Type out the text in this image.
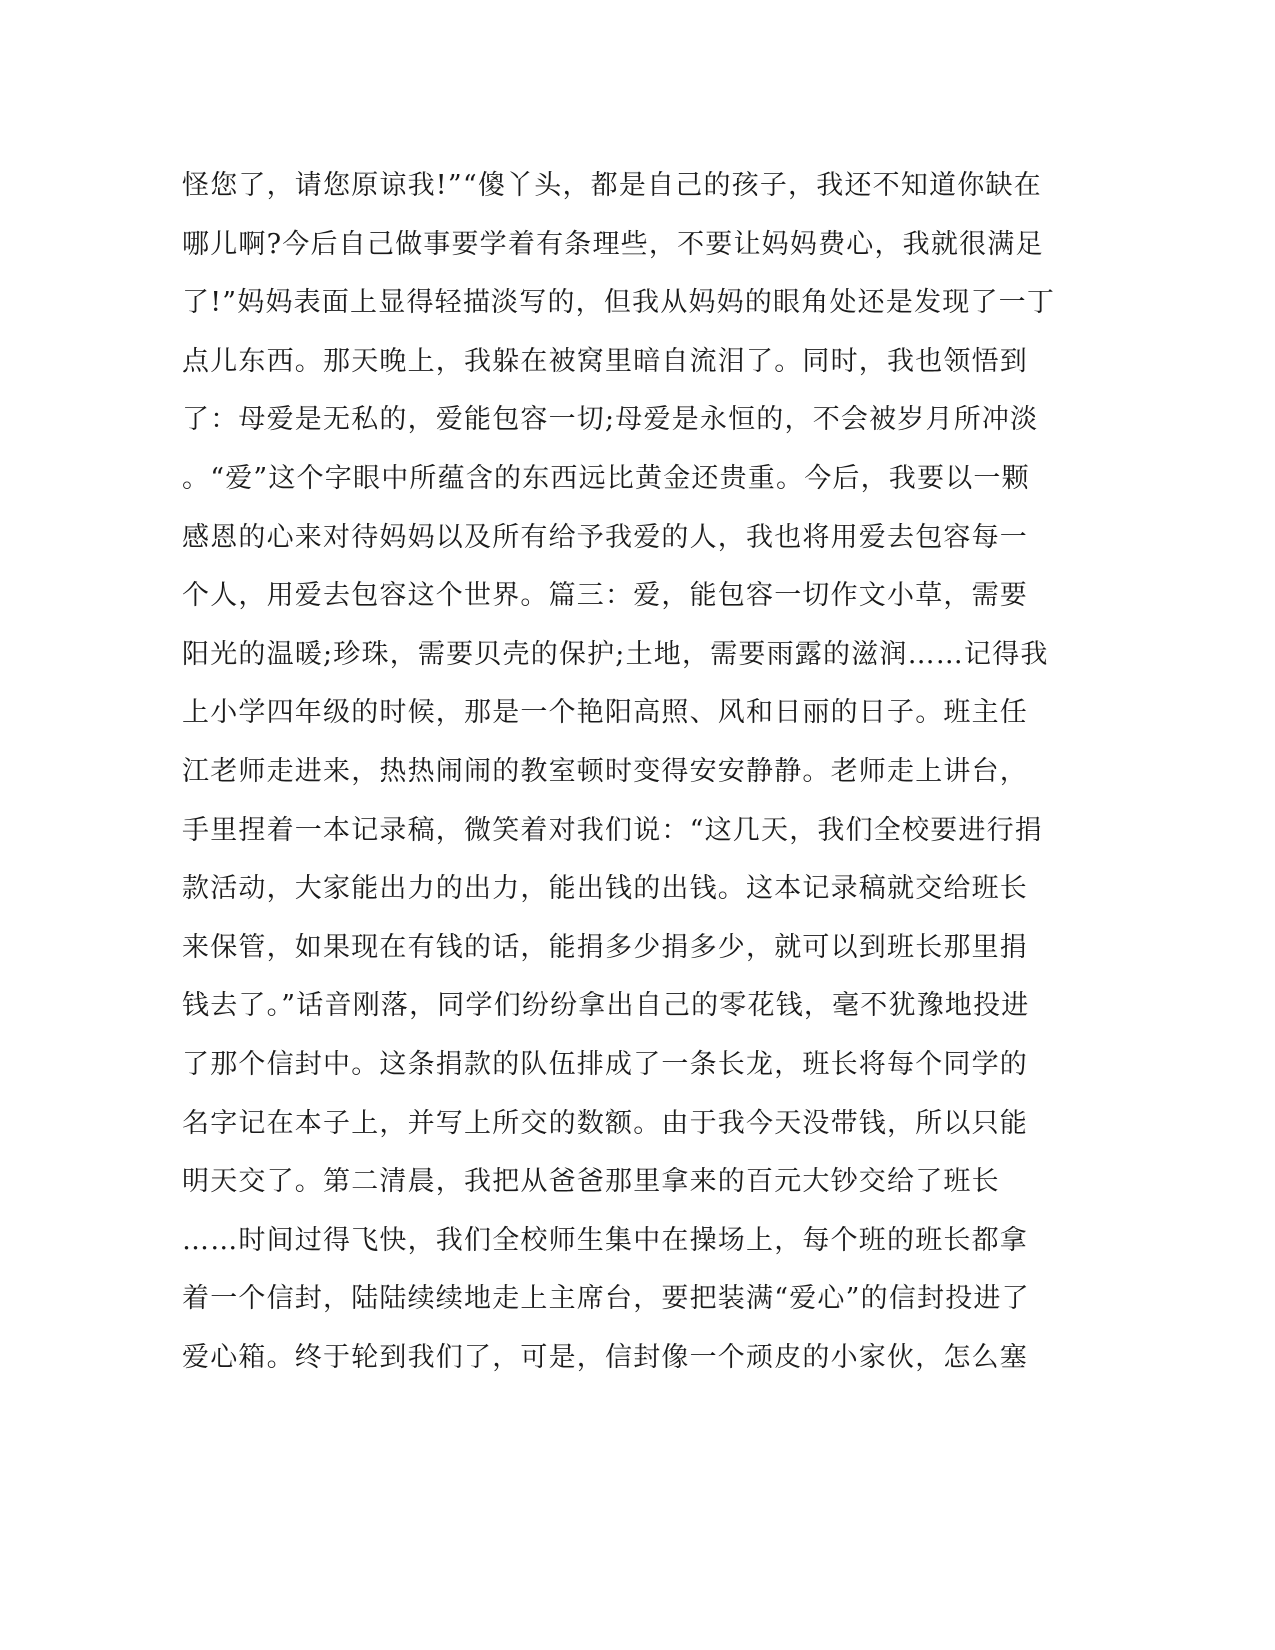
怪您了，请您原谅我!”“傻丫头，都是自己的孩子，我还不知道你缺在
哪儿啊?今后自己做事要学着有条理些，不要让妈妈费心，我就很满足
了!”妈妈表面上显得轻描淡写的，但我从妈妈的眼角处还是发现了一丁
点儿东西。那天晚上，我躲在被窝里暗自流泪了。同时，我也领悟到
了：母爱是无私的，爱能包容一切;母爱是永恒的，不会被岁月所冲淡
。“爱”这个字眼中所蕴含的东西远比黄金还贵重。今后，我要以一颗
感恩的心来对待妈妈以及所有给予我爱的人，我也将用爱去包容每一
个人，用爱去包容这个世界。篇三：爱，能包容一切作文小草，需要
阳光的温暖;珍珠，需要贝壳的保护;土地，需要雨露的滋润……记得我
上小学四年级的时候，那是一个艳阳高照、风和日丽的日子。班主任
江老师走进来，热热闹闹的教室顿时变得安安静静。老师走上讲台，
手里捏着一本记录稿，微笑着对我们说：“这几天，我们全校要进行捐
款活动，大家能出力的出力，能出钱的出钱。这本记录稿就交给班长
来保管，如果现在有钱的话，能捐多少捐多少，就可以到班长那里捐
钱去了。”话音刚落，同学们纷纷拿出自己的零花钱，毫不犹豫地投进
了那个信封中。这条捐款的队伍排成了一条长龙，班长将每个同学的
名字记在本子上，并写上所交的数额。由于我今天没带钱，所以只能
明天交了。第二清晨，我把从爸爸那里拿来的百元大钞交给了班长
……时间过得飞快，我们全校师生集中在操场上，每个班的班长都拿
着一个信封，陆陆续续地走上主席台，要把装满“爱心”的信封投进了
爱心箱。终于轮到我们了，可是，信封像一个顽皮的小家伙，怎么塞
